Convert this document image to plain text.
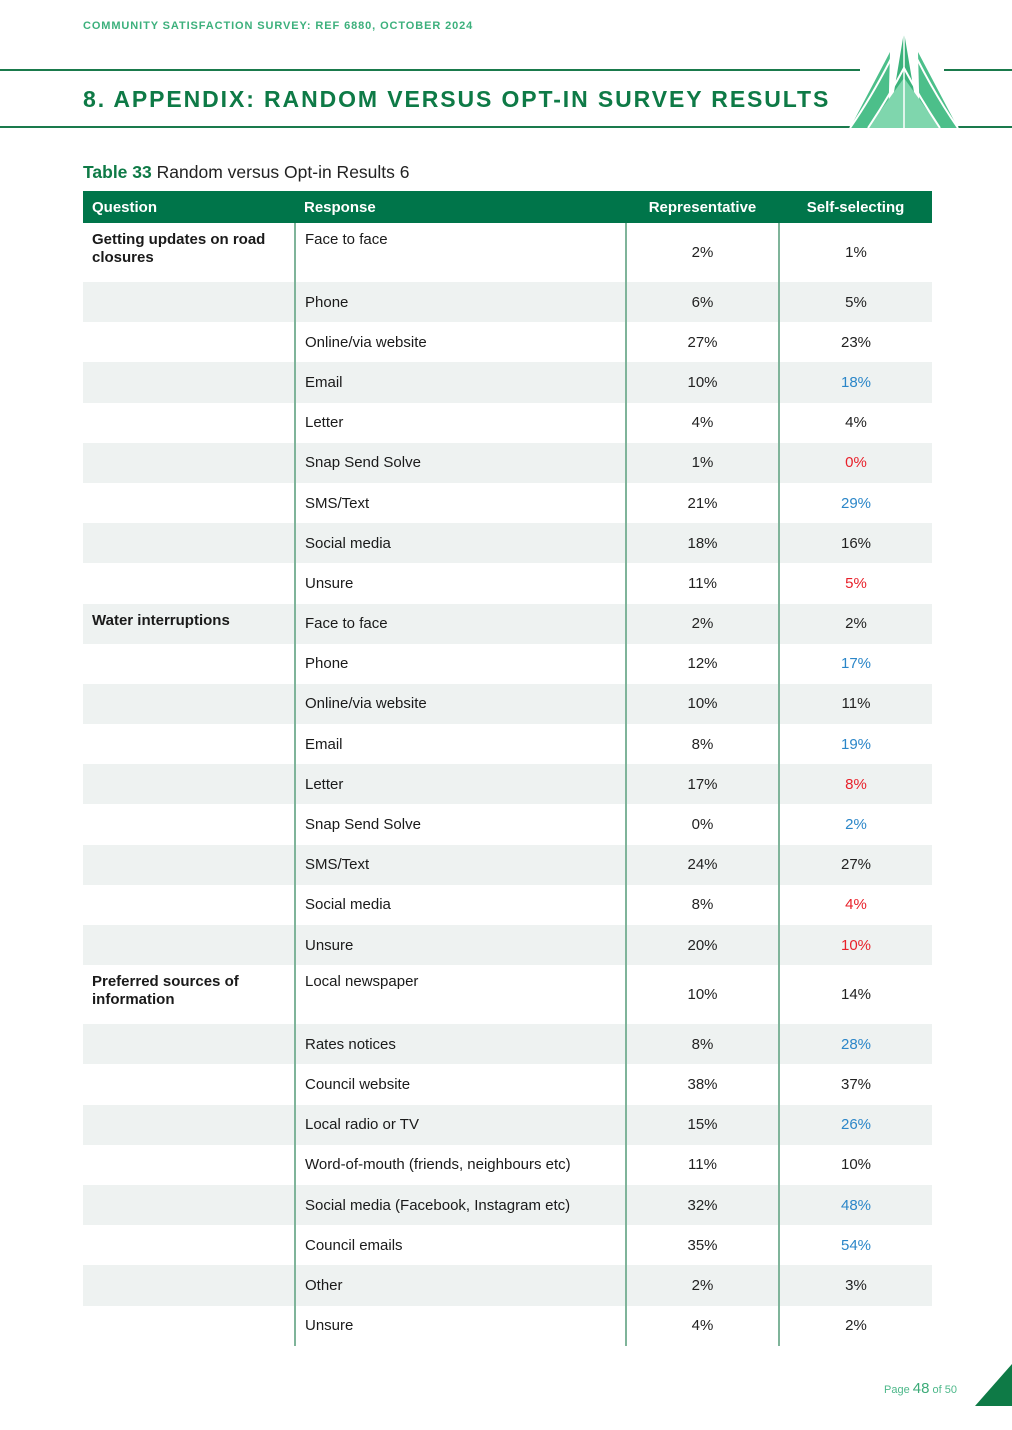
COMMUNITY SATISFACTION SURVEY: REF 6880, OCTOBER 2024
8. APPENDIX: RANDOM VERSUS OPT-IN SURVEY RESULTS
Table 33 Random versus Opt-in Results 6
Question	Response	Representative	Self-selecting
Getting updates on road closures	Face to face	2%	1%
	Phone	6%	5%
	Online/via website	27%	23%
	Email	10%	18%
	Letter	4%	4%
	Snap Send Solve	1%	0%
	SMS/Text	21%	29%
	Social media	18%	16%
	Unsure	11%	5%
Water interruptions	Face to face	2%	2%
	Phone	12%	17%
	Online/via website	10%	11%
	Email	8%	19%
	Letter	17%	8%
	Snap Send Solve	0%	2%
	SMS/Text	24%	27%
	Social media	8%	4%
	Unsure	20%	10%
Preferred sources of information	Local newspaper	10%	14%
	Rates notices	8%	28%
	Council website	38%	37%
	Local radio or TV	15%	26%
	Word-of-mouth (friends, neighbours etc)	11%	10%
	Social media (Facebook, Instagram etc)	32%	48%
	Council emails	35%	54%
	Other	2%	3%
	Unsure	4%	2%
Page 48 of 50
